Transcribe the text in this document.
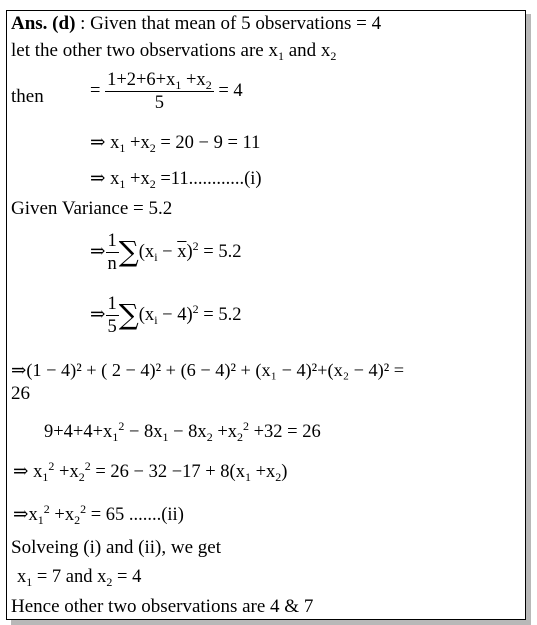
Ans. (d) : Given that mean of 5 observations = 4
let the other two observations are $x_1$ and $x_2$
then	= $\frac{1+2+6+x_1 +x_2}{5} = 4$
⇒ $x_1 +x_2 = 20 - 9 = 11$
⇒ $x_1 +x_2 =11............(i)$
Given Variance = 5.2
⇒ $\frac{1}{n} \sum(x_i - \overline{x})^2 = 5.2$
⇒ $\frac{1}{5} \sum(x_i - 4)^2 = 5.2$
⇒(1 − 4)² + ( 2 − 4)² + (6 − 4)² + (x₁ − 4)²+(x₂ − 4)² =
26
$9+4+4+x_1^2 - 8x_1 - 8x_2 +x_2^2 +32 = 26$
⇒ $x_1^2 +x_2^2 = 26 - 32 -17 + 8(x_1 +x_2)$
$\Rightarrow x_1^2 +x_2^2 = 65$ .......(ii)
Solveing (i) and (ii), we get
$x_1 = 7$ and $x_2 = 4$
Hence other two observations are 4 & 7
